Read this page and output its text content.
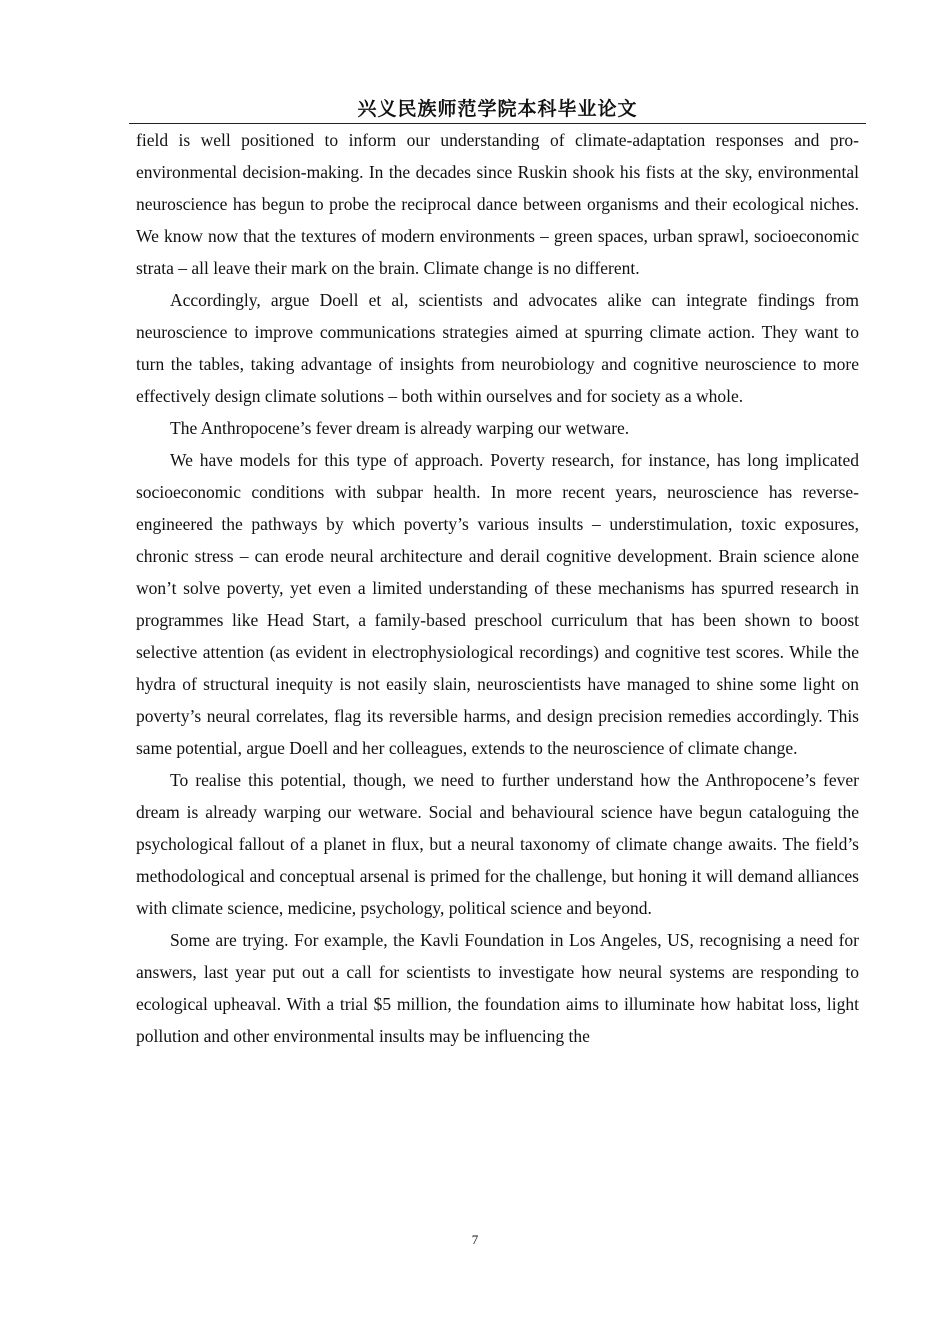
兴义民族师范学院本科毕业论文

field is well positioned to inform our understanding of climate-adaptation responses and pro-environmental decision-making. In the decades since Ruskin shook his fists at the sky, environmental neuroscience has begun to probe the reciprocal dance between organisms and their ecological niches. We know now that the textures of modern environments – green spaces, urban sprawl, socioeconomic strata – all leave their mark on the brain. Climate change is no different.

Accordingly, argue Doell et al, scientists and advocates alike can integrate findings from neuroscience to improve communications strategies aimed at spurring climate action. They want to turn the tables, taking advantage of insights from neurobiology and cognitive neuroscience to more effectively design climate solutions – both within ourselves and for society as a whole.

The Anthropocene’s fever dream is already warping our wetware.

We have models for this type of approach. Poverty research, for instance, has long implicated socioeconomic conditions with subpar health. In more recent years, neuroscience has reverse-engineered the pathways by which poverty’s various insults – understimulation, toxic exposures, chronic stress – can erode neural architecture and derail cognitive development. Brain science alone won’t solve poverty, yet even a limited understanding of these mechanisms has spurred research in programmes like Head Start, a family-based preschool curriculum that has been shown to boost selective attention (as evident in electrophysiological recordings) and cognitive test scores. While the hydra of structural inequity is not easily slain, neuroscientists have managed to shine some light on poverty’s neural correlates, flag its reversible harms, and design precision remedies accordingly. This same potential, argue Doell and her colleagues, extends to the neuroscience of climate change.

To realise this potential, though, we need to further understand how the Anthropocene’s fever dream is already warping our wetware. Social and behavioural science have begun cataloguing the psychological fallout of a planet in flux, but a neural taxonomy of climate change awaits. The field’s methodological and conceptual arsenal is primed for the challenge, but honing it will demand alliances with climate science, medicine, psychology, political science and beyond.

Some are trying. For example, the Kavli Foundation in Los Angeles, US, recognising a need for answers, last year put out a call for scientists to investigate how neural systems are responding to ecological upheaval. With a trial $5 million, the foundation aims to illuminate how habitat loss, light pollution and other environmental insults may be influencing the

7
